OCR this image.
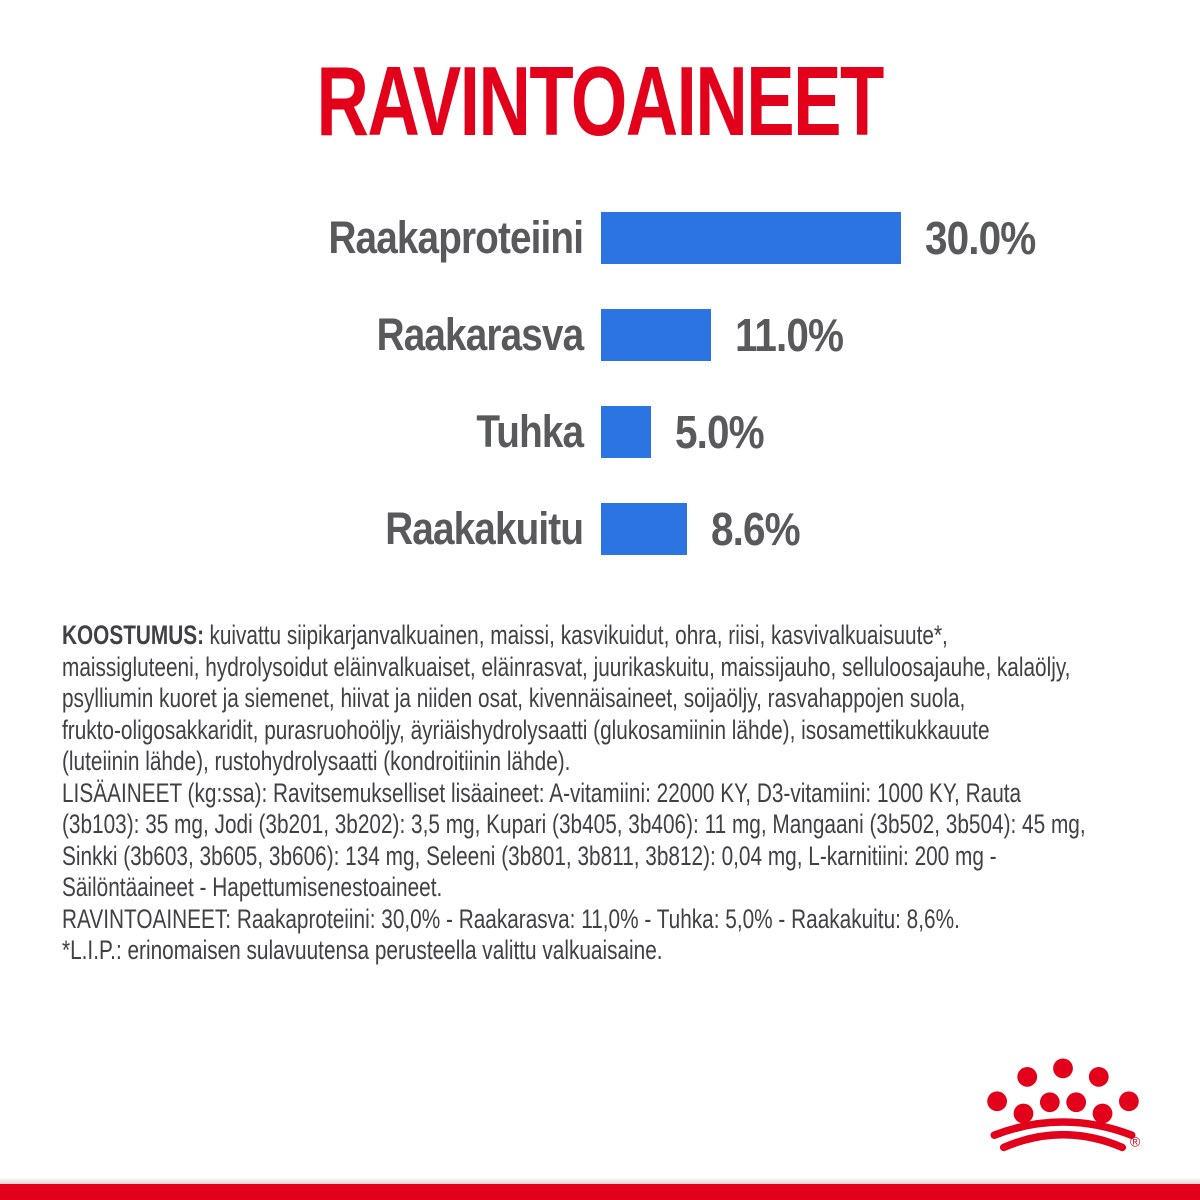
RAVINTOAINEET
Raakaproteiini	30.0%
Raakarasva	11.0%
Tuhka 5.0%
Raakakuitu	8.6%
KOOSTUMUS: kuivattu siipikarjanvalkuainen, maissi, kasvikuidut, ohra, riisi, kasvivalkuaisuute*,
maissigluteeni, hydrolysoidut eläinvalkuaiset, eläinrasvat, juurikaskuitu, maissijauho, selluloosajauhe, kalaöljy,
psylliumin kuoret ja siemenet, hiivat ja niiden osat, kivennäisaineet, soijaöljy, rasvahappojen suola,
frukto-oligosakkaridit, purasruohoöljy, äyriäishydrolysaatti (glukosamiinin lähde), isosamettikukkauute
(luteiinin lähde), rustohydrolysaatti (kondroitiinin lähde).
LISÄAINEET (kg:ssa): Ravitsemukselliset lisäaineet: A-vitamiini: 22000 KY, D3-vitamiini: 1000 KY, Rauta
(3b103): 35 mg, Jodi (3b201, 3b202): 3,5 mg, Kupari (3b405, 3b406): 11 mg, Mangaani (3b502, 3b504): 45 mg,
Sinkki (3b603, 3b605, 3b606): 134 mg, Seleeni (3b801, 3b811, 3b812): 0,04 mg, L-karnitiini: 200 mg -
Säilöntäaineet - Hapettumisenestoaineet.
RAVINTOAINEET: Raakaproteiini: 30,0% - Raakarasva: 11,0% - Tuhka: 5,0% - Raakakuitu: 8,6%.
*L.I.P.: erinomaisen sulavuutensa perusteella valittu valkuaisaine.
®
